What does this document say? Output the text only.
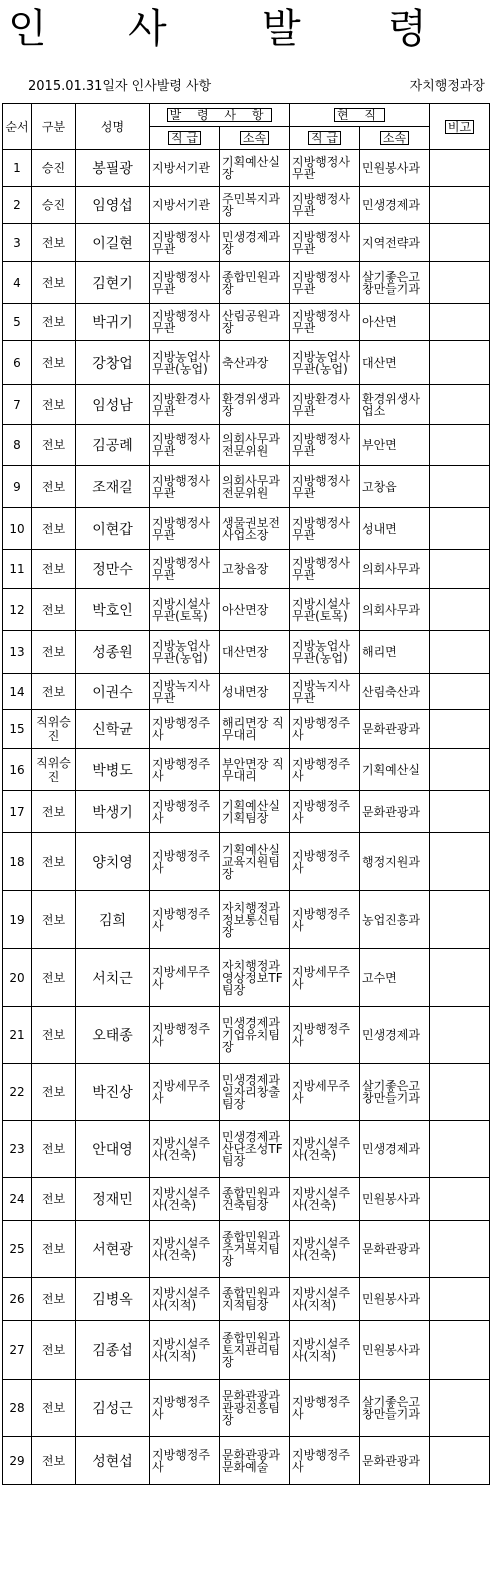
인 사 발 령
2015.01.31일자 인사발령 사항	자치행정과장
순서	구분	성명	발 령 사 항		현 직		비고
			직 급	소속	직 급	소속	
1	승진	봉필광	지방서기관	기획예산실장	지방행정사무관	민원봉사과	
2	승진	임영섭	지방서기관	주민복지과장	지방행정사무관	민생경제과	
3	전보	이길현	지방행정사무관	민생경제과장	지방행정사무관	지역전략과	
4	전보	김현기	지방행정사무관	종합민원과장	지방행정사무관	살기좋은고창만들기과	
5	전보	박귀기	지방행정사무관	산림공원과장	지방행정사무관	아산면	
6	전보	강창업	지방농업사무관(농업)	축산과장	지방농업사무관(농업)	대산면	
7	전보	임성남	지방환경사무관	환경위생과장	지방환경사무관	환경위생사업소	
8	전보	김공례	지방행정사무관	의회사무과 전문위원	지방행정사무관	부안면	
9	전보	조재길	지방행정사무관	의회사무과 전문위원	지방행정사무관	고창읍	
10	전보	이현갑	지방행정사무관	생물권보전사업소장	지방행정사무관	성내면	
11	전보	정만수	지방행정사무관	고창읍장	지방행정사무관	의회사무과	
12	전보	박호인	지방시설사무관(토목)	아산면장	지방시설사무관(토목)	의회사무과	
13	전보	성종원	지방농업사무관(농업)	대산면장	지방농업사무관(농업)	해리면	
14	전보	이권수	지방녹지사무관	성내면장	지방녹지사무관	산림축산과	
15	직위승진	신학균	지방행정주사	해리면장 직무대리	지방행정주사	문화관광과	
16	직위승진	박병도	지방행정주사	부안면장 직무대리	지방행정주사	기획예산실	
17	전보	박생기	지방행정주사	기획예산실 기획팀장	지방행정주사	문화관광과	
18	전보	양치영	지방행정주사	기획예산실 교육지원팀장	지방행정주사	행정지원과	
19	전보	김희	지방행정주사	자치행정과 정보통신팀장	지방행정주사	농업진흥과	
20	전보	서치근	지방세무주사	자치행정과 영상정보TF팀장	지방세무주사	고수면	
21	전보	오태종	지방행정주사	민생경제과 기업유치팀장	지방행정주사	민생경제과	
22	전보	박진상	지방세무주사	민생경제과 일자리창출팀장	지방세무주사	살기좋은고창만들기과	
23	전보	안대영	지방시설주사(건축)	민생경제과 산단조성TF팀장	지방시설주사(건축)	민생경제과	
24	전보	정재민	지방시설주사(건축)	종합민원과 건축팀장	지방시설주사(건축)	민원봉사과	
25	전보	서현광	지방시설주사(건축)	종합민원과 주거복지팀장	지방시설주사(건축)	문화관광과	
26	전보	김병옥	지방시설주사(지적)	종합민원과 지적팀장	지방시설주사(지적)	민원봉사과	
27	전보	김종섭	지방시설주사(지적)	종합민원과 토지관리팀장	지방시설주사(지적)	민원봉사과	
28	전보	김성근	지방행정주사	문화관광과 관광진흥팀장	지방행정주사	살기좋은고창만들기과	
29	전보	성현섭	지방행정주사	문화관광과 문화예술	지방행정주사	문화관광과	
